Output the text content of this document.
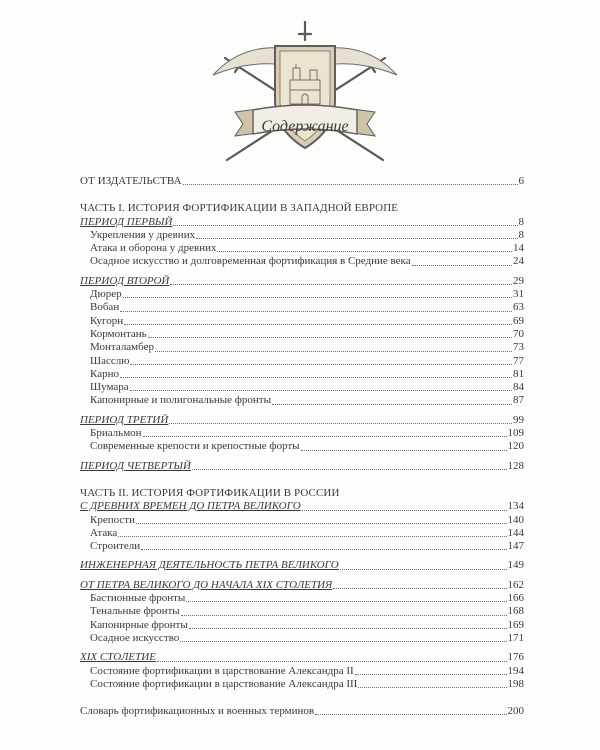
Содержание
ОТ ИЗДАТЕЛЬСТВА	6
ЧАСТЬ I. ИСТОРИЯ ФОРТИФИКАЦИИ В ЗАПАДНОЙ ЕВРОПЕ
ПЕРИОД ПЕРВЫЙ	8
Укрепления у древних	8
Атака и оборона у древних	14
Осадное искусство и долговременная фортификация в Средние века	24
ПЕРИОД ВТОРОЙ	29
Дюрер	31
Вобан	63
Кугорн	69
Кормонтань	70
Монталамбер	73
Шасслю	77
Карно	81
Шумара	84
Капонирные и полигональные фронты	87
ПЕРИОД ТРЕТИЙ	99
Бриальмон	109
Современные крепости и крепостные форты	120
ПЕРИОД ЧЕТВЕРТЫЙ	128
ЧАСТЬ II. ИСТОРИЯ ФОРТИФИКАЦИИ В РОССИИ
С ДРЕВНИХ ВРЕМЕН ДО ПЕТРА ВЕЛИКОГО	134
Крепости	140
Атака	144
Строители	147
ИНЖЕНЕРНАЯ ДЕЯТЕЛЬНОСТЬ ПЕТРА ВЕЛИКОГО	149
ОТ ПЕТРА ВЕЛИКОГО ДО НАЧАЛА XIX СТОЛЕТИЯ	162
Бастионные фронты	166
Тенальные фронты	168
Капонирные фронты	169
Осадное искусство	171
XIX СТОЛЕТИЕ	176
Состояние фортификации в царствование Александра II	194
Состояние фортификации в царствование Александра III	198
Словарь фортификационных и военных терминов	200
